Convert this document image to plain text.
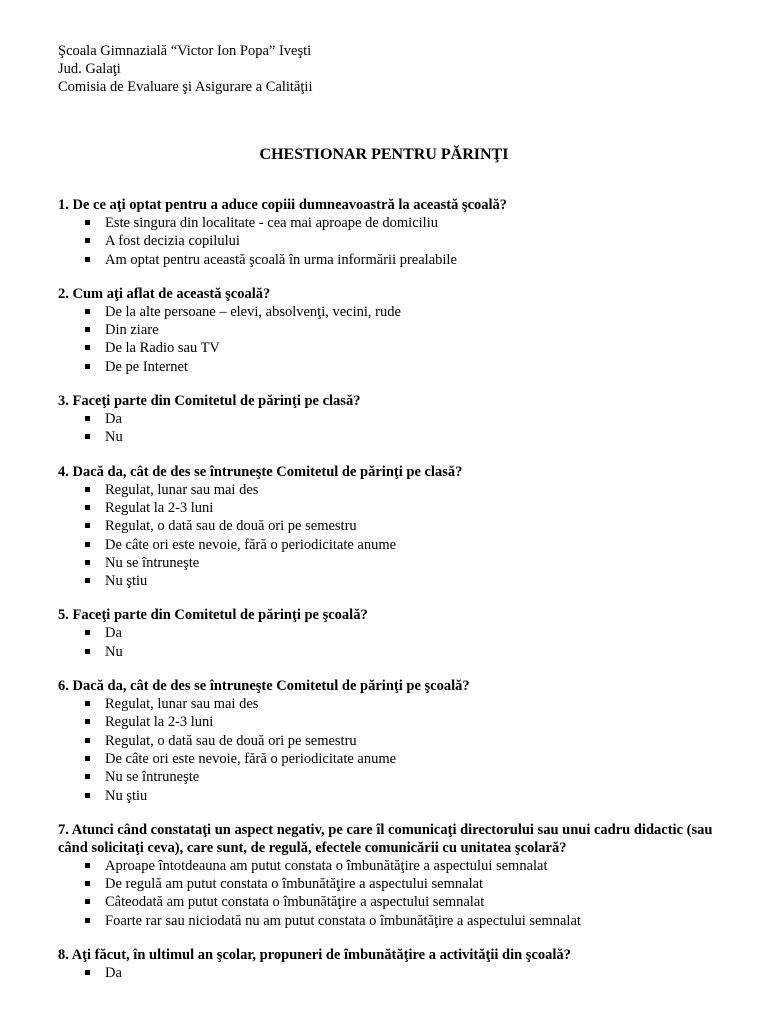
Şcoala Gimnazială “Victor Ion Popa” Iveşti
Jud. Galaţi
Comisia de Evaluare şi Asigurare a Calităţii
CHESTIONAR PENTRU PĂRINŢI
1. De ce aţi optat pentru a aduce copiii dumneavoastră la această şcoală?
Este singura din localitate - cea mai aproape de domiciliu
A fost decizia copilului
Am optat pentru această şcoală în urma informării prealabile
2. Cum aţi aflat de această şcoală?
De la alte persoane – elevi, absolvenţi, vecini, rude
Din ziare
De la Radio sau TV
De pe Internet
3. Faceţi parte din Comitetul de părinţi pe clasă?
Da
Nu
4. Dacă da, cât de des se întruneşte Comitetul de părinţi pe clasă?
Regulat, lunar sau mai des
Regulat la 2-3 luni
Regulat, o dată sau de două ori pe semestru
De câte ori este nevoie, fără o periodicitate anume
Nu se întruneşte
Nu ştiu
5. Faceţi parte din Comitetul de părinţi pe şcoală?
Da
Nu
6. Dacă da, cât de des se întruneşte Comitetul de părinţi pe şcoală?
Regulat, lunar sau mai des
Regulat la 2-3 luni
Regulat, o dată sau de două ori pe semestru
De câte ori este nevoie, fără o periodicitate anume
Nu se întruneşte
Nu ştiu
7. Atunci când constataţi un aspect negativ, pe care îl comunicaţi directorului sau unui cadru didactic (sau când solicitaţi ceva), care sunt, de regulă, efectele comunicării cu unitatea şcolară?
Aproape întotdeauna am putut constata o îmbunătăţire a aspectului semnalat
De regulă am putut constata o îmbunătăţire a aspectului semnalat
Câteodată am putut constata o îmbunătăţire a aspectului semnalat
Foarte rar sau niciodată nu am putut constata o îmbunătăţire a aspectului semnalat
8. Aţi făcut, în ultimul an şcolar, propuneri de îmbunătăţire a activităţii din şcoală?
Da
